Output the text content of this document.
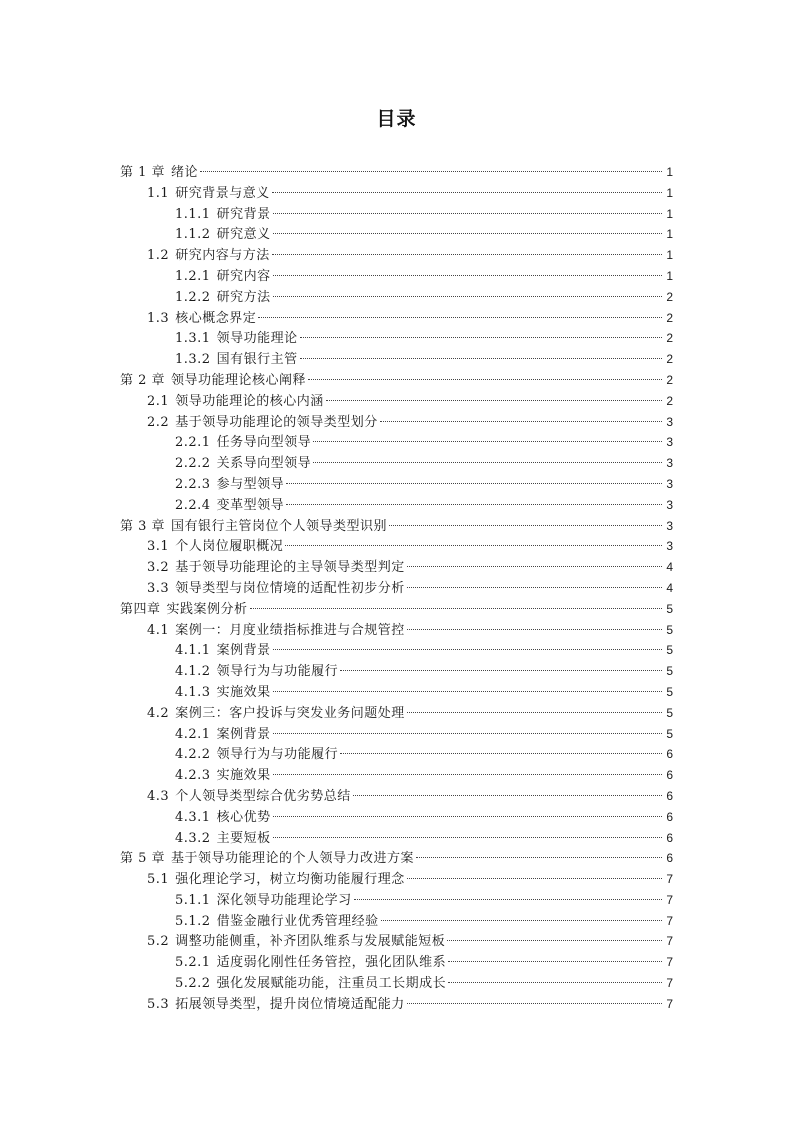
目录
第 1 章 绪论	1
1.1 研究背景与意义	1
1.1.1 研究背景	1
1.1.2 研究意义	1
1.2 研究内容与方法	1
1.2.1 研究内容	1
1.2.2 研究方法	2
1.3 核心概念界定	2
1.3.1 领导功能理论	2
1.3.2 国有银行主管	2
第 2 章 领导功能理论核心阐释	2
2.1 领导功能理论的核心内涵	2
2.2 基于领导功能理论的领导类型划分	3
2.2.1 任务导向型领导	3
2.2.2 关系导向型领导	3
2.2.3 参与型领导	3
2.2.4 变革型领导	3
第 3 章 国有银行主管岗位个人领导类型识别	3
3.1 个人岗位履职概况	3
3.2 基于领导功能理论的主导领导类型判定	4
3.3 领导类型与岗位情境的适配性初步分析	4
第四章 实践案例分析	5
4.1 案例一：月度业绩指标推进与合规管控	5
4.1.1 案例背景	5
4.1.2 领导行为与功能履行	5
4.1.3 实施效果	5
4.2 案例三：客户投诉与突发业务问题处理	5
4.2.1 案例背景	5
4.2.2 领导行为与功能履行	6
4.2.3 实施效果	6
4.3 个人领导类型综合优劣势总结	6
4.3.1 核心优势	6
4.3.2 主要短板	6
第 5 章 基于领导功能理论的个人领导力改进方案	6
5.1 强化理论学习，树立均衡功能履行理念	7
5.1.1 深化领导功能理论学习	7
5.1.2 借鉴金融行业优秀管理经验	7
5.2 调整功能侧重，补齐团队维系与发展赋能短板	7
5.2.1 适度弱化刚性任务管控，强化团队维系	7
5.2.2 强化发展赋能功能，注重员工长期成长	7
5.3 拓展领导类型，提升岗位情境适配能力	7
